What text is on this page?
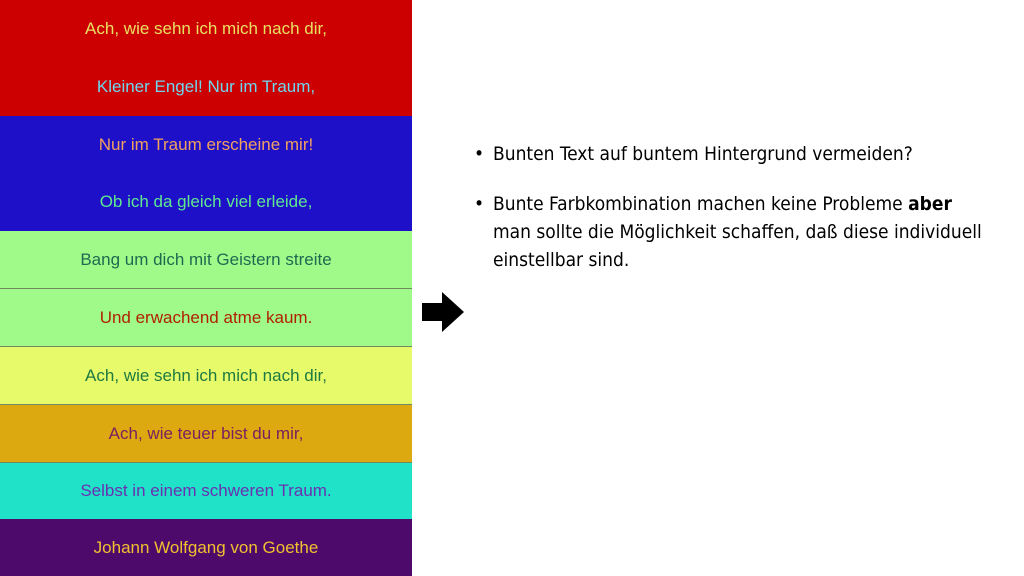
Ach, wie sehn ich mich nach dir,
Kleiner Engel! Nur im Traum,
Nur im Traum erscheine mir!
Ob ich da gleich viel erleide,
Bang um dich mit Geistern streite
Und erwachend atme kaum.
Ach, wie sehn ich mich nach dir,
Ach, wie teuer bist du mir,
Selbst in einem schweren Traum.
Johann Wolfgang von Goethe
• Bunten Text auf buntem Hintergrund vermeiden?
• Bunte Farbkombination machen keine Probleme aber man sollte die Möglichkeit schaffen, daß diese individuell einstellbar sind.
